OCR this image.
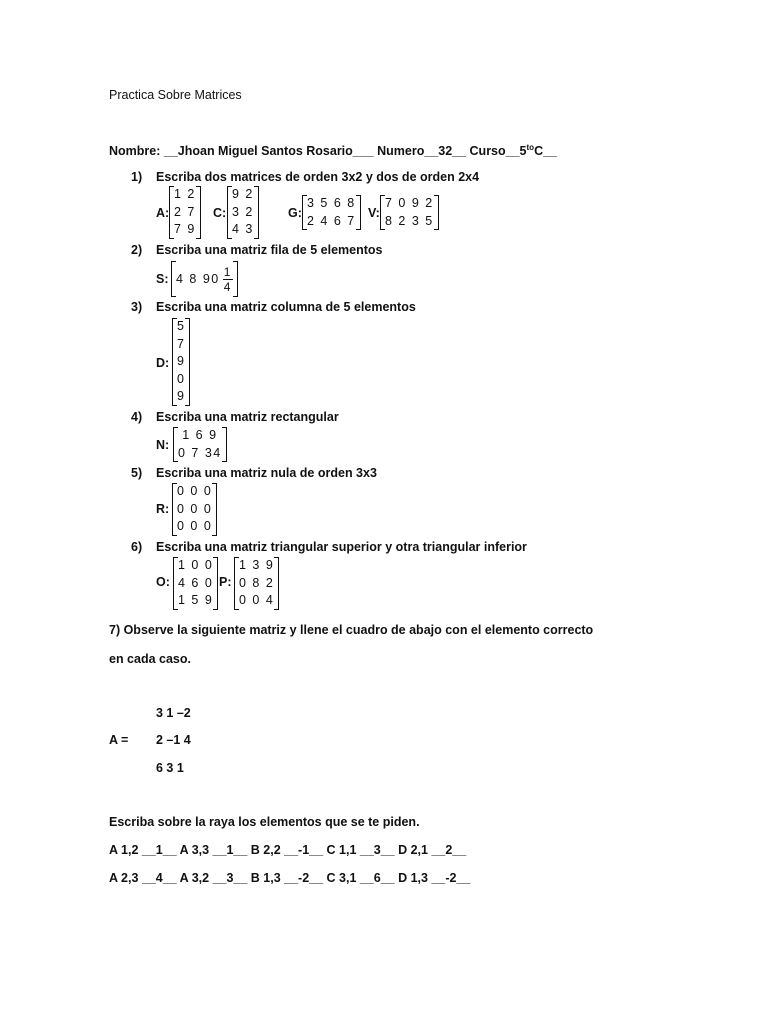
Practica Sobre Matrices
Nombre: __Jhoan Miguel Santos Rosario___ Numero__32__ $Curso\_\_5^{to}C\_\_$
1) Escriba dos matrices de orden 3x2 y dos de orden 2x4
A:
1 2
2 7
7 9
C:
9 2
3 2
4 3
G:
3 5 6 8
2 4 6 7
V:
7 0 9 2
8 2 3 5
2) Escriba una matriz fila de 5 elementos
S: 4 8 $90 \frac{1}{4}$
3) Escriba una matriz columna de 5 elementos
D:
5
7
9
0
9
4) Escriba una matriz rectangular
N:
1 6 9
0 7 34
5) Escriba una matriz nula de orden 3x3
R:
0 0 0
0 0 0
0 0 0
6) Escriba una matriz triangular superior y otra triangular inferior
O:
1 0 0
4 6 0
1 5 9
P:
1 3 9
0 8 2
0 0 4
7) Observe la siguiente matriz y llene el cuadro de abajo con el elemento correcto
en cada caso.
A =
3 1 –2
2 –1 4
6 3 1
Escriba sobre la raya los elementos que se te piden.
A 1,2 __1__ A 3,3 __1__ B 2,2 __-1__ C 1,1 __3__ D 2,1 __2__
A 2,3 __4__ A 3,2 __3__ B 1,3 __-2__ C 3,1 __6__ D 1,3 __-2__
